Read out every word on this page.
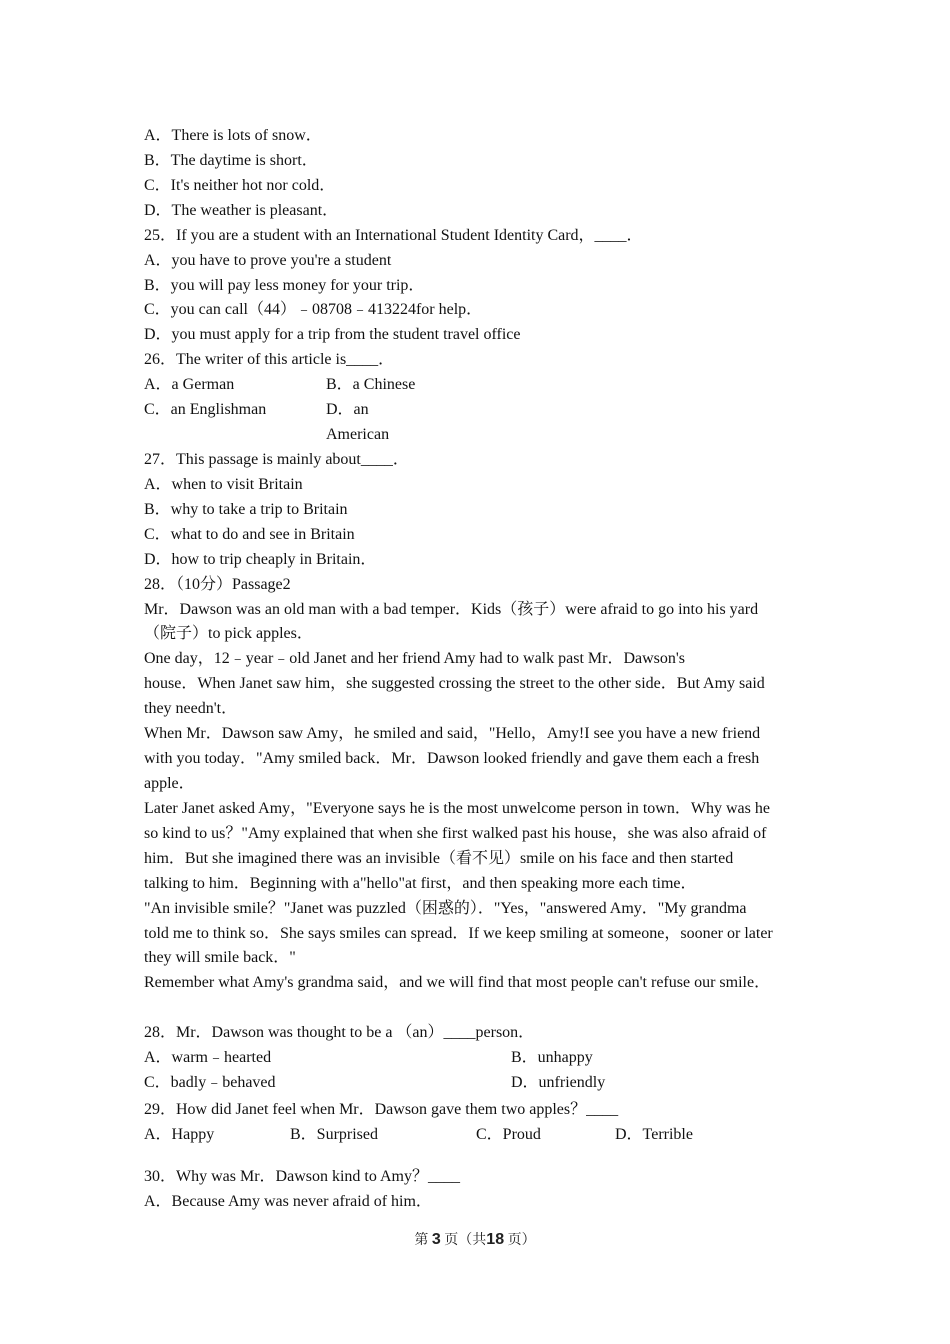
A．There is lots of snow．
B．The daytime is short．
C．It's neither hot nor cold．
D．The weather is pleasant．
25．If you are a student with an International Student Identity Card，____．
A．you have to prove you're a student
B．you will pay less money for your trip．
C．you can call（44）﹣08708﹣413224for help．
D．you must apply for a trip from the student travel office
26．The writer of this article is____．
A．a German	B．a Chinese
C．an Englishman	D．an
American
27．This passage is mainly about____．
A．when to visit Britain
B．why to take a trip to Britain
C．what to do and see in Britain
D．how to trip cheaply in Britain．
28．（10分）Passage2
Mr．Dawson was an old man with a bad temper．Kids（孩子）were afraid to go into his yard
（院子）to pick apples．
One day，12﹣year﹣old Janet and her friend Amy had to walk past Mr．Dawson's
house．When Janet saw him，she suggested crossing the street to the other side．But Amy said
they needn't．
When Mr．Dawson saw Amy，he smiled and said，"Hello，Amy!I see you have a new friend
with you today．"Amy smiled back．Mr．Dawson looked friendly and gave them each a fresh
apple．
Later Janet asked Amy，"Everyone says he is the most unwelcome person in town．Why was he
so kind to us？"Amy explained that when she first walked past his house，she was also afraid of
him．But she imagined there was an invisible（看不见）smile on his face and then started
talking to him．Beginning with a"hello"at first，and then speaking more each time．
"An invisible smile？"Janet was puzzled（困惑的）．"Yes，"answered Amy．"My grandma
told me to think so．She says smiles can spread．If we keep smiling at someone，sooner or later
they will smile back．"
Remember what Amy's grandma said，and we will find that most people can't refuse our smile．
28．Mr．Dawson was thought to be a （an）____person．
A．warm﹣hearted	B．unhappy
C．badly﹣behaved	D．unfriendly
29．How did Janet feel when Mr．Dawson gave them two apples？____
A．Happy	B．Surprised	C．Proud	D．Terrible
30．Why was Mr．Dawson kind to Amy？____
A．Because Amy was never afraid of him．
第 3 页（共18 页）
